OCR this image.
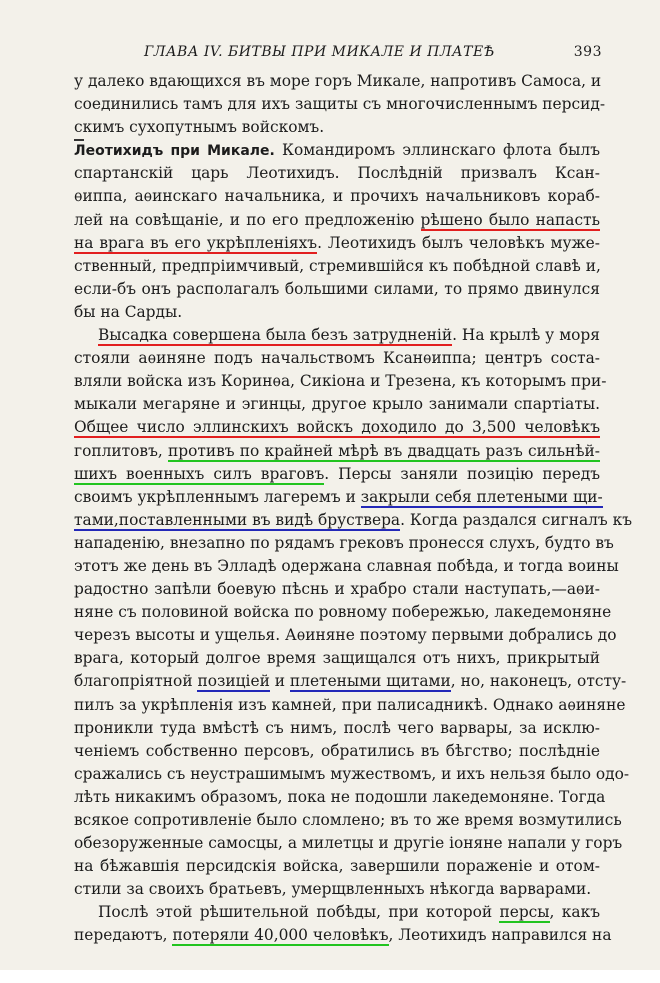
ГЛАВА IV. БИТВЫ ПРИ МИКАЛЕ И ПЛАТЕѢ	393
у далеко вдающихся въ море горъ Микале, напротивъ Самоса, и
соединились тамъ для ихъ защиты съ многочисленнымъ персид-
скимъ сухопутнымъ войскомъ.
Леотихидъ при Микале. Командиромъ эллинскаго флота былъ
спартанскій царь Леотихидъ. Послѣдній призвалъ Ксан-
ѳиппа, аѳинскаго начальника, и прочихъ начальниковъ кораб-
лей на совѣщаніе, и по его предложенію рѣшено было напасть
на врага въ его укрѣпленіяхъ. Леотихидъ былъ человѣкъ муже-
ственный, предпріимчивый, стремившійся къ побѣдной славѣ и,
если-бъ онъ располагалъ большими силами, то прямо двинулся
бы на Сарды.
Высадка совершена была безъ затрудненій. На крылѣ у моря
стояли аѳиняне подъ начальствомъ Ксанѳиппа; центръ соста-
вляли войска изъ Коринѳа, Сикіона и Трезена, къ которымъ при-
мыкали мегаряне и эгинцы, другое крыло занимали спартіаты.
Общее число эллинскихъ войскъ доходило до 3,500 человѣкъ
гоплитовъ, противъ по крайней мѣрѣ въ двадцать разъ сильнѣй-
шихъ военныхъ силъ враговъ. Персы заняли позицію передъ
своимъ укрѣпленнымъ лагеремъ и закрыли себя плетеными щи-
тами,поставленными въ видѣ бруствера. Когда раздался сигналъ къ
нападенію, внезапно по рядамъ грековъ пронесся слухъ, будто въ
этотъ же день въ Элладѣ одержана славная побѣда, и тогда воины
радостно запѣли боевую пѣснь и храбро стали наступать,—аѳи-
няне съ половиной войска по ровному побережью, лакедемоняне
черезъ высоты и ущелья. Аѳиняне поэтому первыми добрались до
врага, который долгое время защищался отъ нихъ, прикрытый
благопріятной позиціей и плетеными щитами, но, наконецъ, отсту-
пилъ за укрѣпленія изъ камней, при палисадникѣ. Однако аѳиняне
проникли туда вмѣстѣ съ нимъ, послѣ чего варвары, за исклю-
ченіемъ собственно персовъ, обратились въ бѣгство; послѣдніе
сражались съ неустрашимымъ мужествомъ, и ихъ нельзя было одо-
лѣть никакимъ образомъ, пока не подошли лакедемоняне. Тогда
всякое сопротивленіе было сломлено; въ то же время возмутились
обезоруженные самосцы, а милетцы и другіе іоняне напали у горъ
на бѣжавшія персидскія войска, завершили пораженіе и отом-
стили за своихъ братьевъ, умерщвленныхъ нѣкогда варварами.
Послѣ этой рѣшительной побѣды, при которой персы, какъ
передаютъ, потеряли 40,000 человѣкъ, Леотихидъ направился на
